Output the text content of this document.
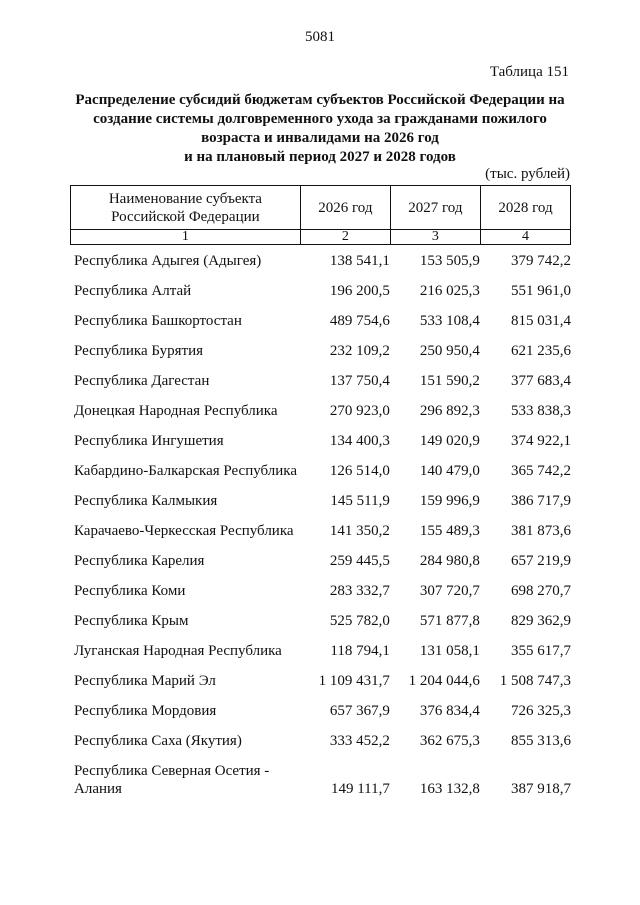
5081
Таблица 151
Распределение субсидий бюджетам субъектов Российской Федерации на
создание системы долговременного ухода за гражданами пожилого
возраста и инвалидами на 2026 год
и на плановый период 2027 и 2028 годов
(тыс. рублей)
Наименование субъекта Российской Федерации	2026 год	2027 год	2028 год
1	2	3	4
Республика Адыгея (Адыгея)	138 541,1	153 505,9	379 742,2
Республика Алтай	196 200,5	216 025,3	551 961,0
Республика Башкортостан	489 754,6	533 108,4	815 031,4
Республика Бурятия	232 109,2	250 950,4	621 235,6
Республика Дагестан	137 750,4	151 590,2	377 683,4
Донецкая Народная Республика	270 923,0	296 892,3	533 838,3
Республика Ингушетия	134 400,3	149 020,9	374 922,1
Кабардино-Балкарская Республика	126 514,0	140 479,0	365 742,2
Республика Калмыкия	145 511,9	159 996,9	386 717,9
Карачаево-Черкесская Республика	141 350,2	155 489,3	381 873,6
Республика Карелия	259 445,5	284 980,8	657 219,9
Республика Коми	283 332,7	307 720,7	698 270,7
Республика Крым	525 782,0	571 877,8	829 362,9
Луганская Народная Республика	118 794,1	131 058,1	355 617,7
Республика Марий Эл	1 109 431,7	1 204 044,6	1 508 747,3
Республика Мордовия	657 367,9	376 834,4	726 325,3
Республика Саха (Якутия)	333 452,2	362 675,3	855 313,6
Республика Северная Осетия - Алания	149 111,7	163 132,8	387 918,7
